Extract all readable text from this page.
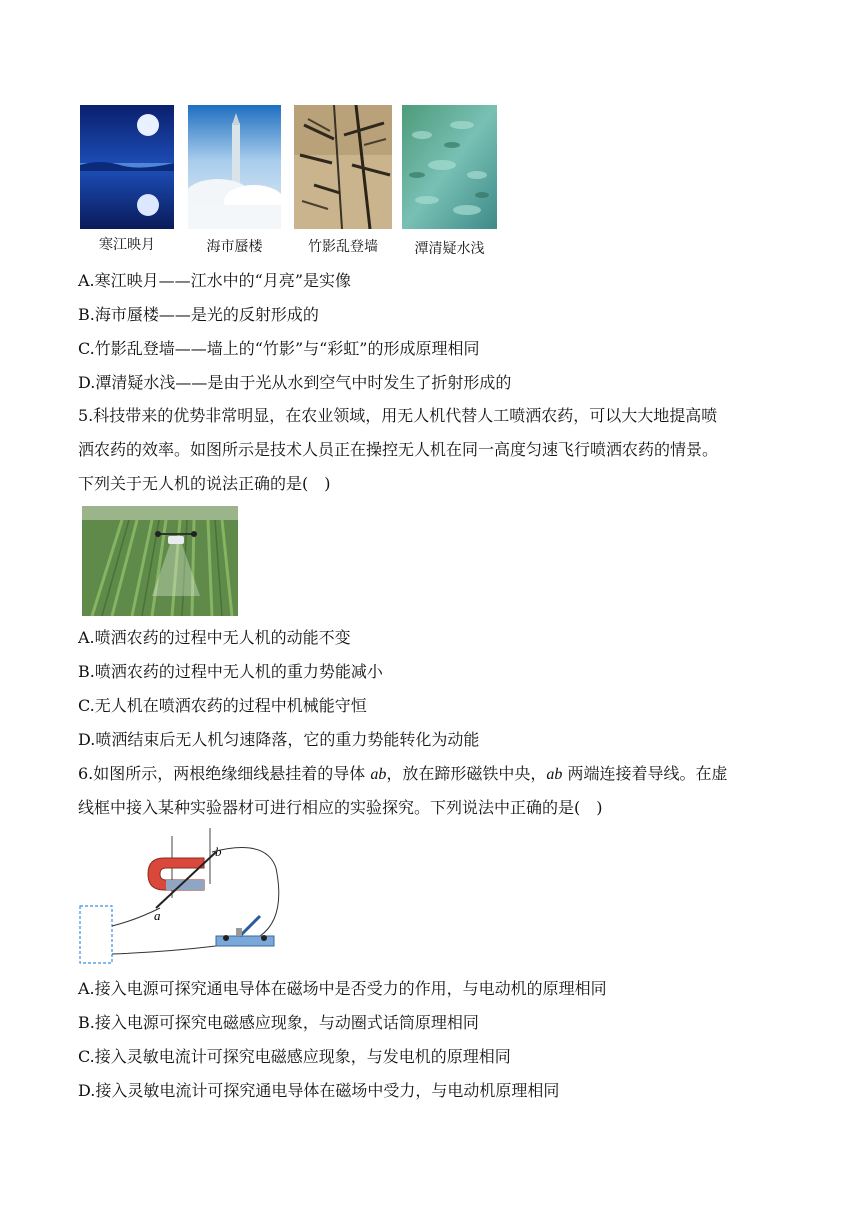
寒江映月	海市蜃楼	竹影乱登墙	潭清疑水浅
A.寒江映月——江水中的“月亮”是实像
B.海市蜃楼——是光的反射形成的
C.竹影乱登墙——墙上的“竹影”与“彩虹”的形成原理相同
D.潭清疑水浅——是由于光从水到空气中时发生了折射形成的
5.科技带来的优势非常明显，在农业领域，用无人机代替人工喷洒农药，可以大大地提高喷
洒农药的效率。如图所示是技术人员正在操控无人机在同一高度匀速飞行喷洒农药的情景。
下列关于无人机的说法正确的是(　)
A.喷洒农药的过程中无人机的动能不变
B.喷洒农药的过程中无人机的重力势能减小
C.无人机在喷洒农药的过程中机械能守恒
D.喷洒结束后无人机匀速降落，它的重力势能转化为动能
6.如图所示，两根绝缘细线悬挂着的导体 ab，放在蹄形磁铁中央，ab 两端连接着导线。在虚
线框中接入某种实验器材可进行相应的实验探究。下列说法中正确的是(　)
a
b
A.接入电源可探究通电导体在磁场中是否受力的作用，与电动机的原理相同
B.接入电源可探究电磁感应现象，与动圈式话筒原理相同
C.接入灵敏电流计可探究电磁感应现象，与发电机的原理相同
D.接入灵敏电流计可探究通电导体在磁场中受力，与电动机原理相同
